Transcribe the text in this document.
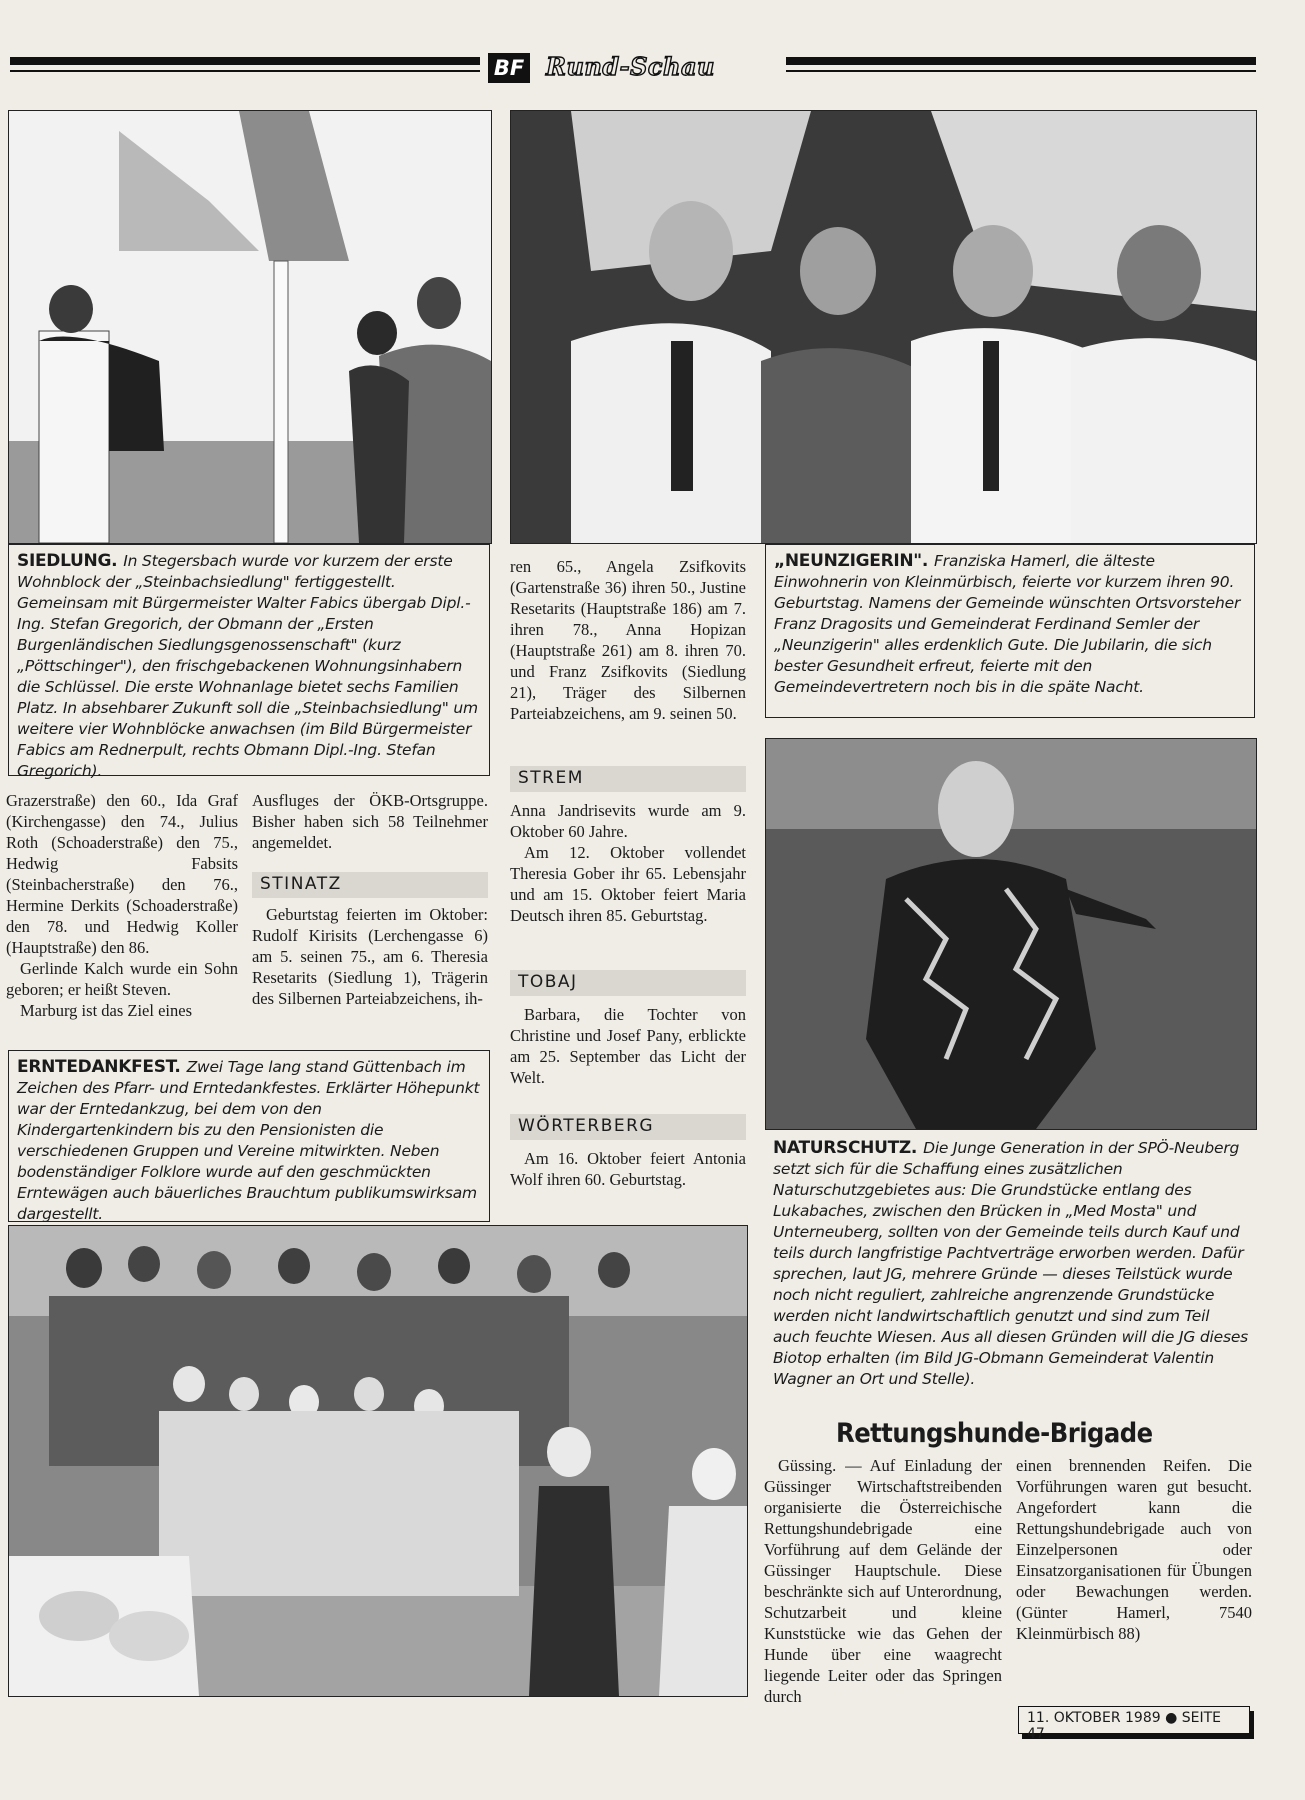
BF Rund-Schau
SIEDLUNG. In Stegersbach wurde vor kurzem der erste Wohnblock der „Steinbachsiedlung" fertiggestellt. Gemeinsam mit Bürgermeister Walter Fabics übergab Dipl.-Ing. Stefan Gregorich, der Obmann der „Ersten Burgenländischen Siedlungsgenossenschaft" (kurz „Pöttschinger"), den frischgebackenen Wohnungsinhabern die Schlüssel. Die erste Wohnanlage bietet sechs Familien Platz. In absehbarer Zukunft soll die „Steinbachsiedlung" um weitere vier Wohnblöcke anwachsen (im Bild Bürgermeister Fabics am Rednerpult, rechts Obmann Dipl.-Ing. Stefan Gregorich).

Grazerstraße) den 60., Ida Graf (Kirchengasse) den 74., Julius Roth (Schoaderstraße) den 75., Hedwig Fabsits (Steinbacherstraße) den 76., Hermine Derkits (Schoaderstraße) den 78. und Hedwig Koller (Hauptstraße) den 86.

Gerlinde Kalch wurde ein Sohn geboren; er heißt Steven.

Marburg ist das Ziel eines

Ausfluges der ÖKB-Ortsgruppe. Bisher haben sich 58 Teilnehmer angemeldet.

STINATZ

Geburtstag feierten im Oktober: Rudolf Kirisits (Lerchengasse 6) am 5. seinen 75., am 6. Theresia Resetarits (Siedlung 1), Trägerin des Silbernen Parteiabzeichens, ih-

ren 65., Angela Zsifkovits (Gartenstraße 36) ihren 50., Justine Resetarits (Hauptstraße 186) am 7. ihren 78., Anna Hopizan (Hauptstraße 261) am 8. ihren 70. und Franz Zsifkovits (Siedlung 21), Träger des Silbernen Parteiabzeichens, am 9. seinen 50.

STREM

Anna Jandrisevits wurde am 9. Oktober 60 Jahre.

Am 12. Oktober vollendet Theresia Gober ihr 65. Lebensjahr und am 15. Oktober feiert Maria Deutsch ihren 85. Geburtstag.

TOBAJ

Barbara, die Tochter von Christine und Josef Pany, erblickte am 25. September das Licht der Welt.

WÖRTERBERG

Am 16. Oktober feiert Antonia Wolf ihren 60. Geburtstag.

„NEUNZIGERIN". Franziska Hamerl, die älteste Einwohnerin von Kleinmürbisch, feierte vor kurzem ihren 90. Geburtstag. Namens der Gemeinde wünschten Ortsvorsteher Franz Dragosits und Gemeinderat Ferdinand Semler der „Neunzigerin" alles erdenklich Gute. Die Jubilarin, die sich bester Gesundheit erfreut, feierte mit den Gemeindevertretern noch bis in die späte Nacht.
ERNTEDANKFEST. Zwei Tage lang stand Güttenbach im Zeichen des Pfarr- und Erntedankfestes. Erklärter Höhepunkt war der Erntedankzug, bei dem von den Kindergartenkindern bis zu den Pensionisten die verschiedenen Gruppen und Vereine mitwirkten. Neben bodenständiger Folklore wurde auf den geschmückten Erntewägen auch bäuerliches Brauchtum publikumswirksam dargestellt.
NATURSCHUTZ. Die Junge Generation in der SPÖ-Neuberg setzt sich für die Schaffung eines zusätzlichen Naturschutzgebietes aus: Die Grundstücke entlang des Lukabaches, zwischen den Brücken in „Med Mosta" und Unterneuberg, sollten von der Gemeinde teils durch Kauf und teils durch langfristige Pachtverträge erworben werden. Dafür sprechen, laut JG, mehrere Gründe — dieses Teilstück wurde noch nicht reguliert, zahlreiche angrenzende Grundstücke werden nicht landwirtschaftlich genutzt und sind zum Teil auch feuchte Wiesen. Aus all diesen Gründen will die JG dieses Biotop erhalten (im Bild JG-Obmann Gemeinderat Valentin Wagner an Ort und Stelle).
Rettungshunde-Brigade

Güssing. — Auf Einladung der Güssinger Wirtschaftstreibenden organisierte die Österreichische Rettungshundebrigade eine Vorführung auf dem Gelände der Güssinger Hauptschule. Diese beschränkte sich auf Unterordnung, Schutzarbeit und kleine Kunststücke wie das Gehen der Hunde über eine waagrecht liegende Leiter oder das Springen durch

einen brennenden Reifen. Die Vorführungen waren gut besucht. Angefordert kann die Rettungshundebrigade auch von Einzelpersonen oder Einsatzorganisationen für Übungen oder Bewachungen werden. (Günter Hamerl, 7540 Kleinmürbisch 88)

11. OKTOBER 1989 ● SEITE 47
